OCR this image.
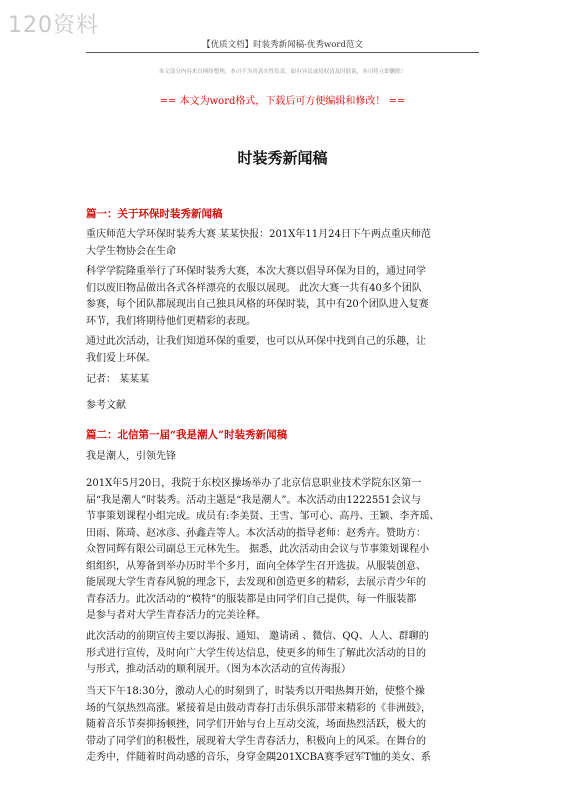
120资料
【优质文档】时装秀新闻稿-优秀word范文
本文部分内容来自网络整理，本司不为其真实性负责，如有异议或侵权请及时联系，本司将立即删除！
== 本文为word格式，下载后可方便编辑和修改！ ==
时装秀新闻稿
篇一：关于环保时装秀新闻稿
重庆师范大学环保时装秀大赛 某某快报：201X年11月24日下午两点重庆师范
大学生物协会在生命
科学学院隆重举行了环保时装秀大赛，本次大赛以倡导环保为目的，通过同学
们以废旧物品做出各式各样漂亮的衣服以展现。 此次大赛一共有40多个团队
参赛，每个团队都展现出自己独具风格的环保时装，其中有20个团队进入复赛
环节，我们将期待他们更精彩的表现。
通过此次活动，让我们知道环保的重要，也可以从环保中找到自己的乐趣，让
我们爱上环保。
记者： 某某某
参考文献
篇二：北信第一届“我是潮人”时装秀新闻稿
我是潮人，引领先锋
201X年5月20日，我院于东校区操场举办了北京信息职业技术学院东区第一
届“我是潮人”时装秀。活动主题是“我是潮人”。本次活动由1222551会议与
节事策划课程小组完成。成员有:李美贤、王雪、邹可心、高丹、王颖、李齐瑶、
田雨、陈琦、赵冰彦、孙鑫垚等人。本次活动的指导老师：赵秀卉。赞助方：
众智同辉有限公司副总王元林先生。 据悉，此次活动由会议与节事策划课程小
组组织，从筹备到举办历时半个多月，面向全体学生召开选拔。从服装创意、
能展现大学生青春风貌的理念下，去发现和创造更多的精彩，去展示青少年的
青春活力。此次活动的“模特”的服装都是由同学们自己提供，每一件服装都
是参与者对大学生青春活力的完美诠释。
此次活动的前期宣传主要以海报、通知、 邀请函 、微信、QQ、人人、群聊的
形式进行宣传，及时向广大学生传达信息，使更多的师生了解此次活动的目的
与形式，推动活动的顺利展开。（图为本次活动的宣传海报）
当天下午18:30分，激动人心的时刻到了，时装秀以开唱热舞开始，使整个操
场的气氛热烈高涨。紧接着是由鼓动青春打击乐俱乐部带来精彩的《非洲鼓》，
随着音乐节奏抑扬顿挫，同学们开始与台上互动交流，场面热烈活跃，极大的
带动了同学们的积极性，展现着大学生青春活力，积极向上的风采。在舞台的
走秀中，伴随着时尚动感的音乐，身穿金隅201XCBA赛季冠军T恤的美女、系
